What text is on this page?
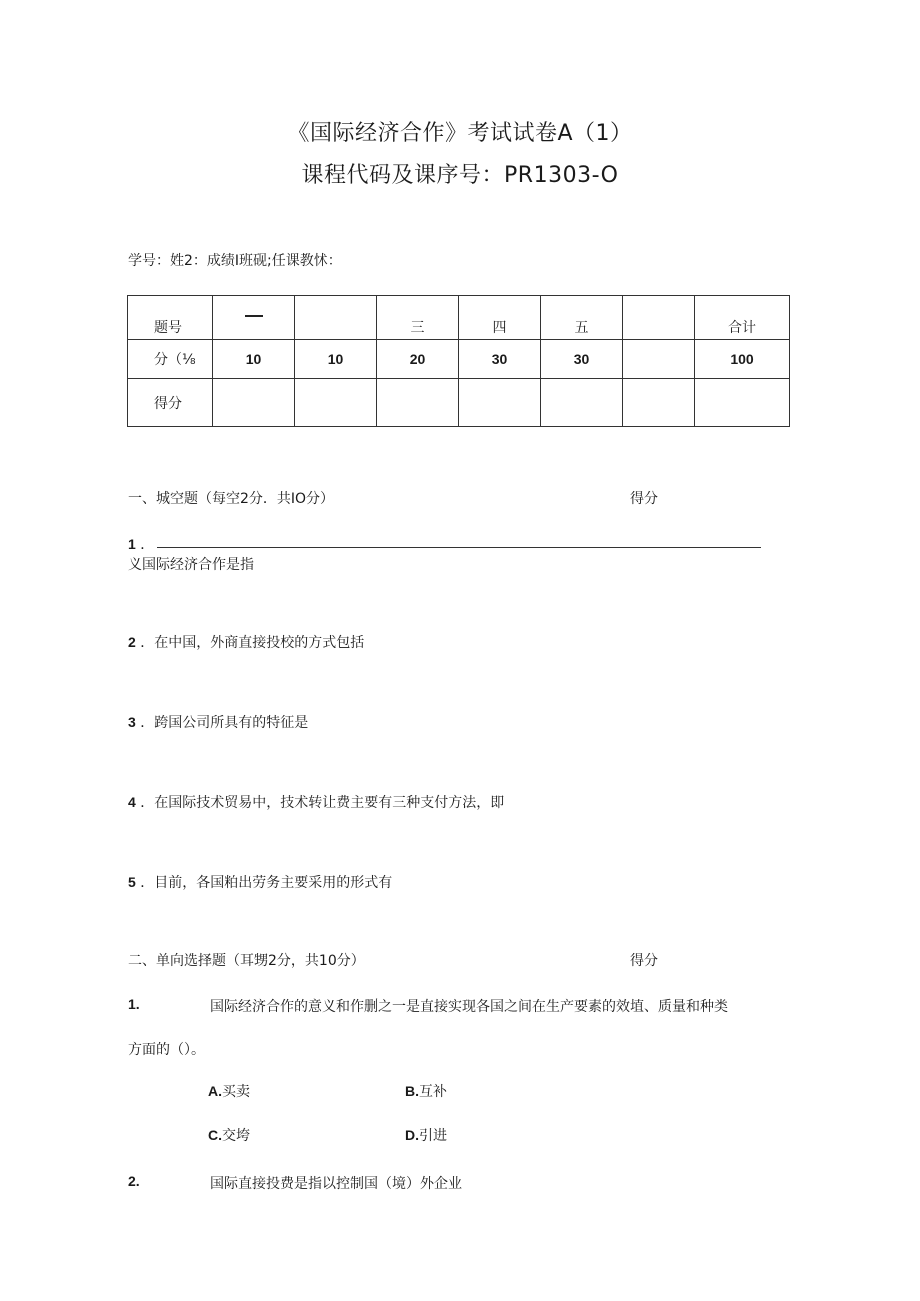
《国际经济合作》考试试卷A（1）
课程代码及课序号：PR1303-O
学号：姓2：成绩I班砚;任课教怵：
题号			三	四	五		合计
分（⅛	10	10	20	30	30		100
得分							
一、城空题（每空2分．共IO分）	得分
1 ．
义国际经济合作是指
2 ．在中国，外商直接投校的方式包括
3 ．跨国公司所具有的特征是
4 ．在国际技术贸易中，技术转让费主要有三种支付方法，即
5 ．目前，各国粕出劳务主要采用的形式有
二、单向选择题（耳甥2分，共10分）	得分
1.	国际经济合作的意义和作删之一是直接实现各国之间在生产要素的效埴、质量和种类
方面的（）。
A.买卖	B.互补
C.交垮	D.引进
2.	国际直接投费是指以控制国（境）外企业
